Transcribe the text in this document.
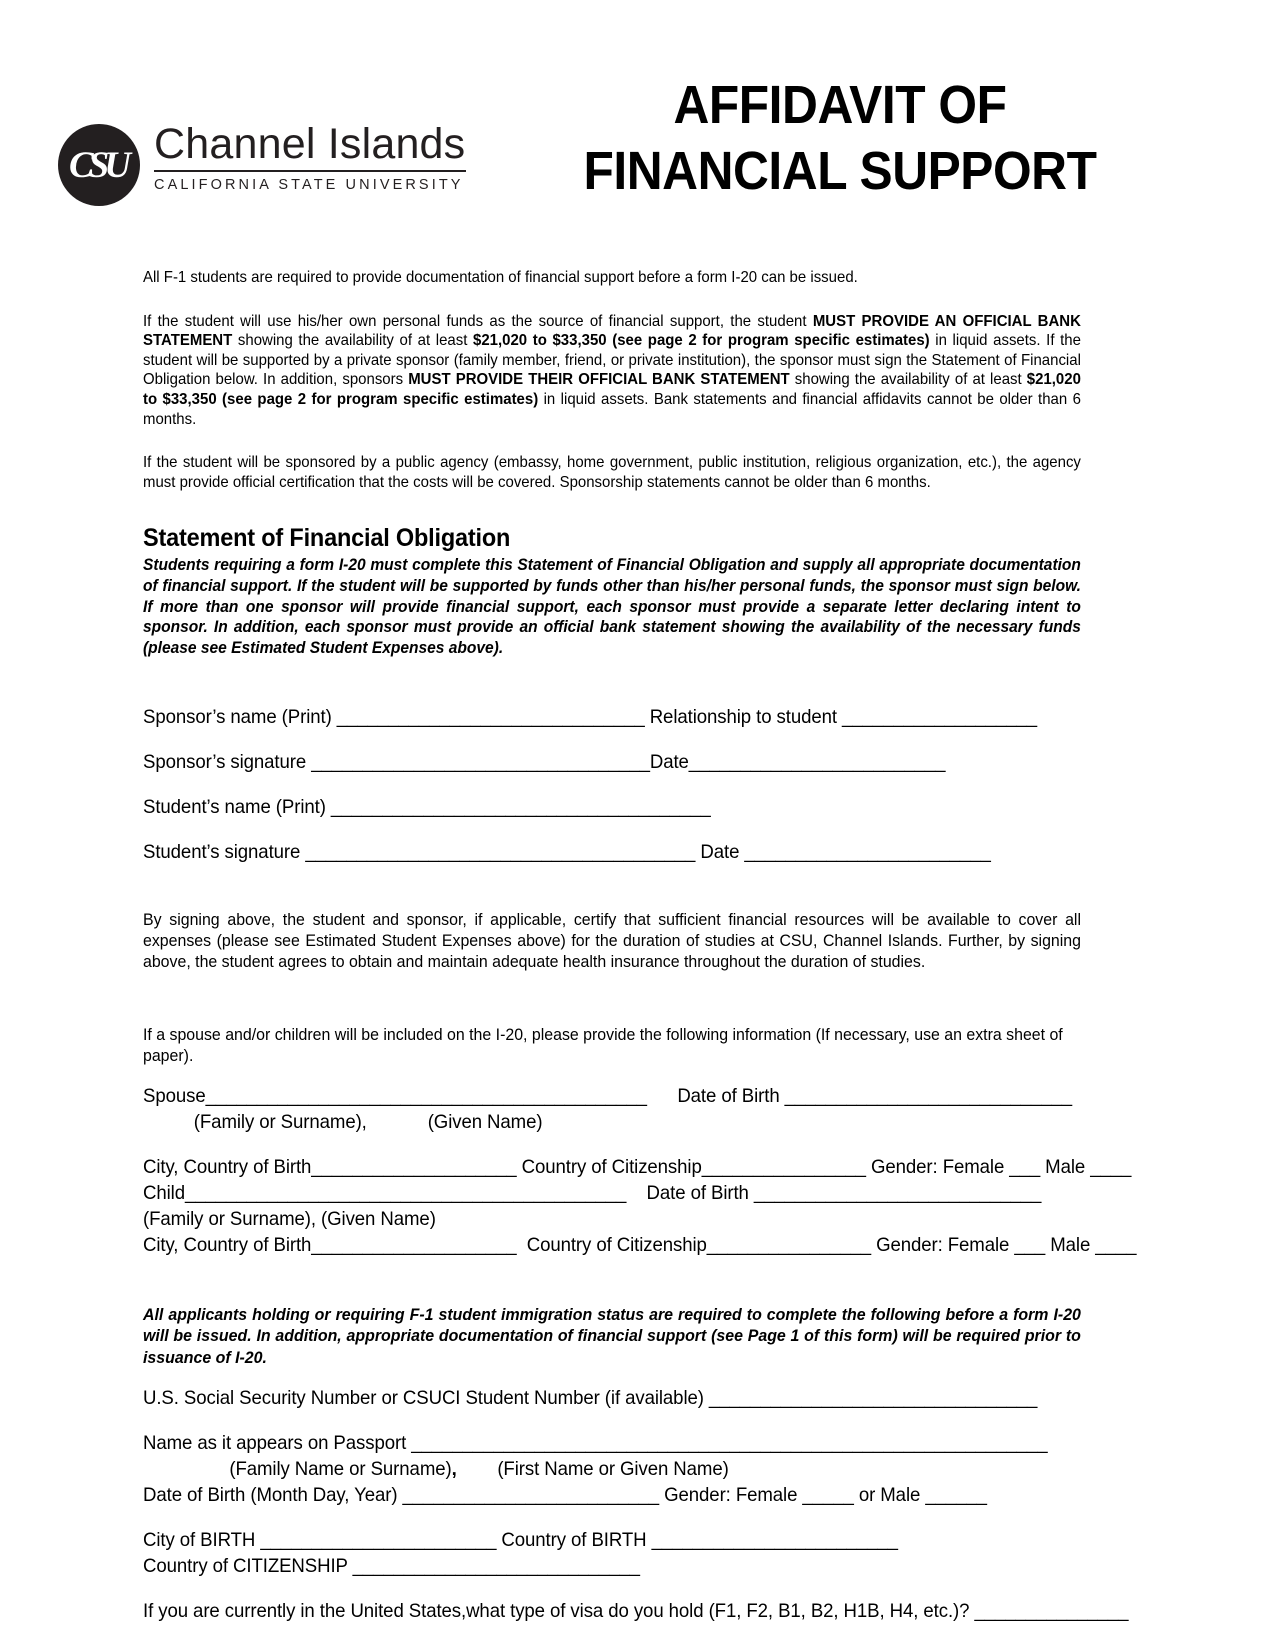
CSU Channel Islands
CALIFORNIA STATE UNIVERSITY
AFFIDAVIT OF
FINANCIAL SUPPORT

All F-1 students are required to provide documentation of financial support before a form I-20 can be issued.

If the student will use his/her own personal funds as the source of financial support, the student MUST PROVIDE AN OFFICIAL BANK STATEMENT showing the availability of at least $21,020 to $33,350 (see page 2 for program specific estimates) in liquid assets. If the student will be supported by a private sponsor (family member, friend, or private institution), the sponsor must sign the Statement of Financial Obligation below. In addition, sponsors MUST PROVIDE THEIR OFFICIAL BANK STATEMENT showing the availability of at least $21,020 to $33,350 (see page 2 for program specific estimates) in liquid assets. Bank statements and financial affidavits cannot be older than 6 months.

If the student will be sponsored by a public agency (embassy, home government, public institution, religious organization, etc.), the agency must provide official certification that the costs will be covered. Sponsorship statements cannot be older than 6 months.

Statement of Financial Obligation

Students requiring a form I-20 must complete this Statement of Financial Obligation and supply all appropriate documentation of financial support. If the student will be supported by funds other than his/her personal funds, the sponsor must sign below. If more than one sponsor will provide financial support, each sponsor must provide a separate letter declaring intent to sponsor. In addition, each sponsor must provide an official bank statement showing the availability of the necessary funds (please see Estimated Student Expenses above).

Sponsor’s name (Print) ______________________________ Relationship to student ___________________
Sponsor’s signature _________________________________Date_________________________
Student’s name (Print) _____________________________________
Student’s signature ______________________________________ Date ________________________

By signing above, the student and sponsor, if applicable, certify that sufficient financial resources will be available to cover all expenses (please see Estimated Student Expenses above) for the duration of studies at CSU, Channel Islands. Further, by signing above, the student agrees to obtain and maintain adequate health insurance throughout the duration of studies.

If a spouse and/or children will be included on the I-20, please provide the following information (If necessary, use an extra sheet of paper).

Spouse___________________________________________ Date of Birth ____________________________
(Family or Surname),            (Given Name)
City, Country of Birth____________________ Country of Citizenship________________ Gender: Female ___ Male ____
Child___________________________________________ Date of Birth ____________________________
(Family or Surname), (Given Name)
City, Country of Birth____________________ Country of Citizenship________________ Gender: Female ___ Male ____

All applicants holding or requiring F-1 student immigration status are required to complete the following before a form I-20 will be issued. In addition, appropriate documentation of financial support (see Page 1 of this form) will be required prior to issuance of I-20.

U.S. Social Security Number or CSUCI Student Number (if available) ________________________________
Name as it appears on Passport ______________________________________________________________
(Family Name or Surname), (First Name or Given Name)
Date of Birth (Month Day, Year) _________________________ Gender: Female _____ or Male ______
City of BIRTH _______________________ Country of BIRTH ________________________
Country of CITIZENSHIP ____________________________
If you are currently in the United States,what type of visa do you hold (F1, F2, B1, B2, H1B, H4, etc.)? _______________
